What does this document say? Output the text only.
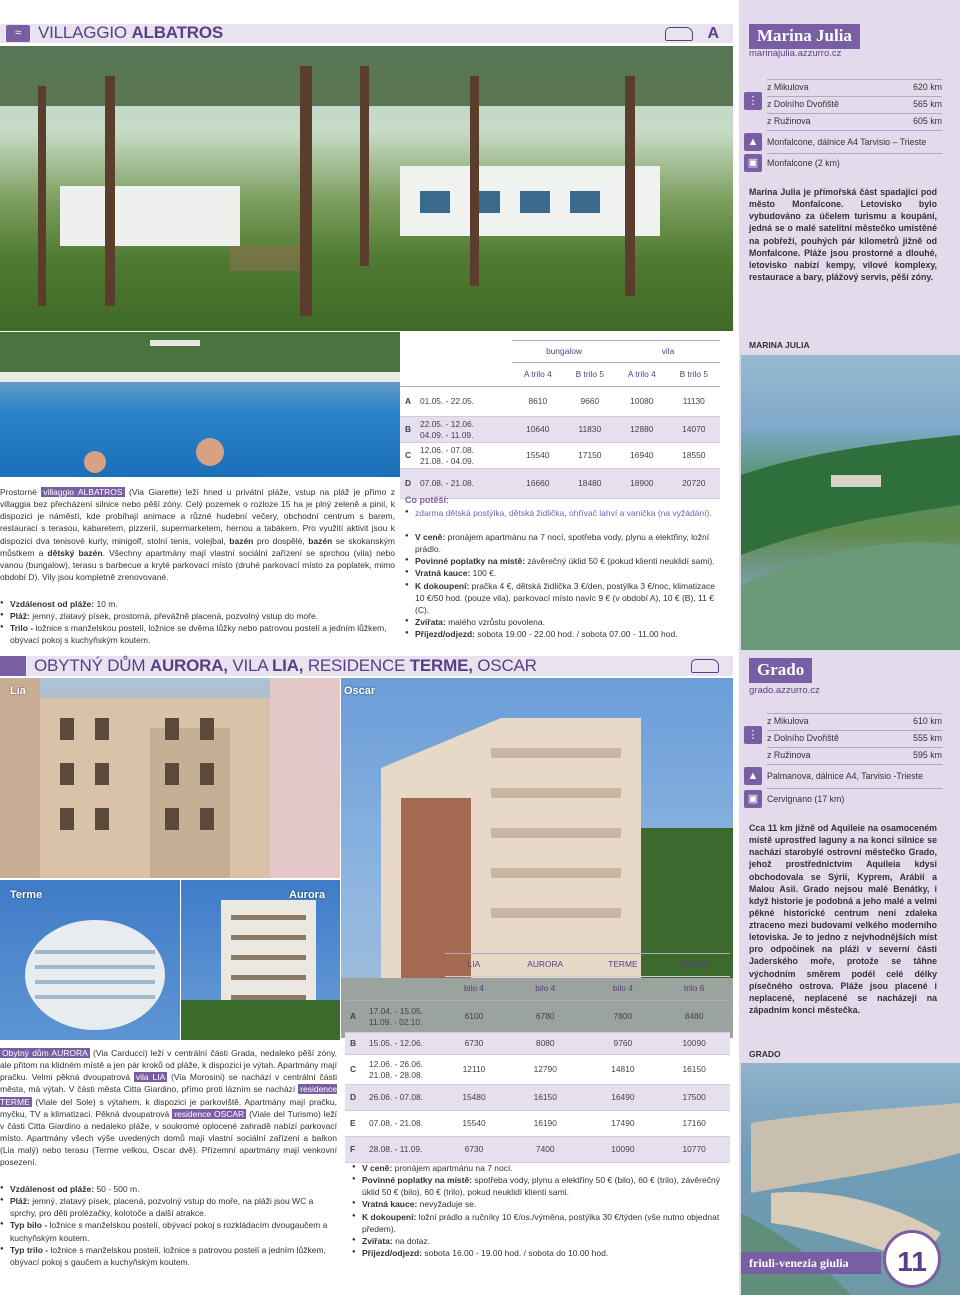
≈ VILLAGGIO ALBATROS	A
Prostorné villaggio ALBATROS (Via Giarette) leží hned u privátní pláže, vstup na pláž je přímo z villaggia bez přecházení silnice nebo pěší zóny. Celý pozemek o rozloze 15 ha je plný zeleně a pinií, k dispozici je náměstí, kde probíhají animace a různé hudební večery, obchodní centrum s barem, restaurací s terasou, kabaretem, pizzerií, supermarketem, hernou a tabákem. Pro využití aktivit jsou k dispozici dva tenisové kurty, minigolf, stolní tenis, volejbal, bazén pro dospělé, bazén se skokanským můstkem a dětský bazén. Všechny apartmány mají vlastní sociální zařízení se sprchou (vila) nebo vanou (bungalow), terasu s barbecue a kryté parkovací místo (druhé parkovací místo za poplatek, mimo období D). Vily jsou kompletně zrenovované.
● Vzdálenost od pláže: 10 m.
● Pláž: jemný, zlatavý písek, prostorná, převážně placená, pozvolný vstup do moře.
● Trilo - ložnice s manželskou postelí, ložnice se dvěma lůžky nebo patrovou postelí a jedním lůžkem, obývací pokoj s kuchyňským koutem.
	bungalow		vila	
	A trilo 4	B trilo 5	A trilo 4	B trilo 5
A 01.05. - 22.05.	8610	9660	10080	11130
B 22.05. - 12.06.
04.09. - 11.09.	10640	11830	12880	14070
C 12.06. - 07.08.
21.08. - 04.09.	15540	17150	16940	18550
D 07.08. - 21.08.	16660	18480	18900	20720
Co potěší:
● zdarma dětská postýlka, dětská židlička, ohřívač lahví a vanička (na vyžádání).
● V ceně: pronájem apartmánu na 7 nocí, spotřeba vody, plynu a elektřiny, ložní prádlo.
● Povinné poplatky na místě: závěrečný úklid 50 € (pokud klienti neuklidí sami).
● Vratná kauce: 100 €.
● K dokoupení: pračka 4 €, dětská židlička 3 €/den, postýlka 3 €/noc, klimatizace 10 €/50 hod. (pouze vila), parkovací místo navíc 9 € (v období A), 10 € (B), 11 € (C).
● Zvířata: malého vzrůstu povolena.
● Příjezd/odjezd: sobota 19.00 - 22.00 hod. / sobota 07.00 - 11.00 hod.
OBYTNÝ DŮM AURORA, VILA LIA, RESIDENCE TERME, OSCAR
Lia	Oscar
Terme	Aurora
Obytný dům AURORA (Via Carducci) leží v centrální části Grada, nedaleko pěší zóny, ale přitom na klidném místě a jen pár kroků od pláže, k dispozici je výtah. Apartmány mají pračku. Velmi pěkná dvoupatrová vila LIA (Via Morosini) se nachází v centrální části města, má výtah. V části města Citta Giardino, přímo proti lázním se nachází residence TERME (Viale del Sole) s výtahem, k dispozici je parkoviště. Apartmány mají pračku, myčku, TV a klimatizaci. Pěkná dvoupatrová residence OSCAR (Viale del Turismo) leží v části Citta Giardino a nedaleko pláže, v soukromé oplocené zahradě nabízí parkovací místo. Apartmány všech výše uvedených domů mají vlastní sociální zařízení a balkon (Lia malý) nebo terasu (Terme velkou, Oscar dvě). Přízemní apartmány mají venkovní posezení.
● Vzdálenost od pláže: 50 - 500 m.
● Pláž: jemný, zlatavý písek, placená, pozvolný vstup do moře, na pláži jsou WC a sprchy, pro děti prolézačky, kolotoče a další atrakce.
● Typ bilo - ložnice s manželskou postelí, obývací pokoj s rozkládacím dvougaučem a kuchyňským koutem.
● Typ trilo - ložnice s manželskou postelí, ložnice s patrovou postelí a jedním lůžkem, obývací pokoj s gaučem a kuchyňským koutem.
	LIA	AURORA	TERME	OSCAR
	bilo 4	bilo 4	bilo 4	trilo 6
A 17.04. - 15.05.
11.09. - 02.10.	6100	6780	7800	8480
B 15.05. - 12.06.	6730	8080	9760	10090
C 12.06. - 26.06.
21.08. - 28.08.	12110	12790	14810	16150
D 26.06. - 07.08.	15480	16150	16490	17500
E 07.08. - 21.08.	15540	16190	17490	17160
F 28.08. - 11.09.	6730	7400	10090	10770
● V ceně: pronájem apartmánu na 7 nocí.
● Povinné poplatky na místě: spotřeba vody, plynu a elektřiny 50 € (bilo), 60 € (trilo), závěrečný úklid 50 € (bilo), 60 € (trilo), pokud neuklidí klienti sami.
● Vratná kauce: nevyžaduje se.
● K dokoupení: ložní prádlo a ručníky 10 €/os./výměna, postýlka 30 €/týden (vše nutno objednat předem).
● Zvířata: na dotaz.
● Příjezd/odjezd: sobota 16.00 - 19.00 hod. / sobota do 10.00 hod.
Marina Julia
marinajulia.azzurro.cz
⋮
z Mikulova	620 km
z Dolního Dvořiště	565 km
z Ružinova	605 km
▲ Monfalcone, dálnice A4 Tarvisio – Trieste
▣ Monfalcone (2 km)
Marina Julia je přímořská část spadající pod město Monfalcone. Letovisko bylo vybudováno za účelem turismu a koupání, jedná se o malé satelitní městečko umístěné na pobřeží, pouhých pár kilometrů jižně od Monfalcone. Pláže jsou prostorné a dlouhé, letovisko nabízí kempy, vilové komplexy, restaurace a bary, plážový servis, pěší zóny.
MARINA JULIA
Grado
grado.azzurro.cz
⋮
z Mikulova	610 km
z Dolního Dvořiště	555 km
z Ružinova	595 km
▲ Palmanova, dálnice A4, Tarvisio -Trieste
▣ Cervignano (17 km)
Cca 11 km jižně od Aquileie na osamoceném místě uprostřed laguny a na konci silnice se nachází starobylé ostrovní městečko Grado, jehož prostřednictvím Aquileia kdysi obchodovala se Sýrií, Kyprem, Arábií a Malou Asií. Grado nejsou malé Benátky, i když historie je podobná a jeho malé a velmi pěkné historické centrum není zdaleka ztraceno mezi budovami velkého moderního letoviska. Je to jedno z nejvhodnějších míst pro odpočinek na pláži v severní části Jaderského moře, protože se táhne východním směrem podél celé délky písečného ostrova. Pláže jsou placené i neplacené, neplacené se nacházejí na západním konci městečka.
GRADO
friuli-venezia giulia	11
